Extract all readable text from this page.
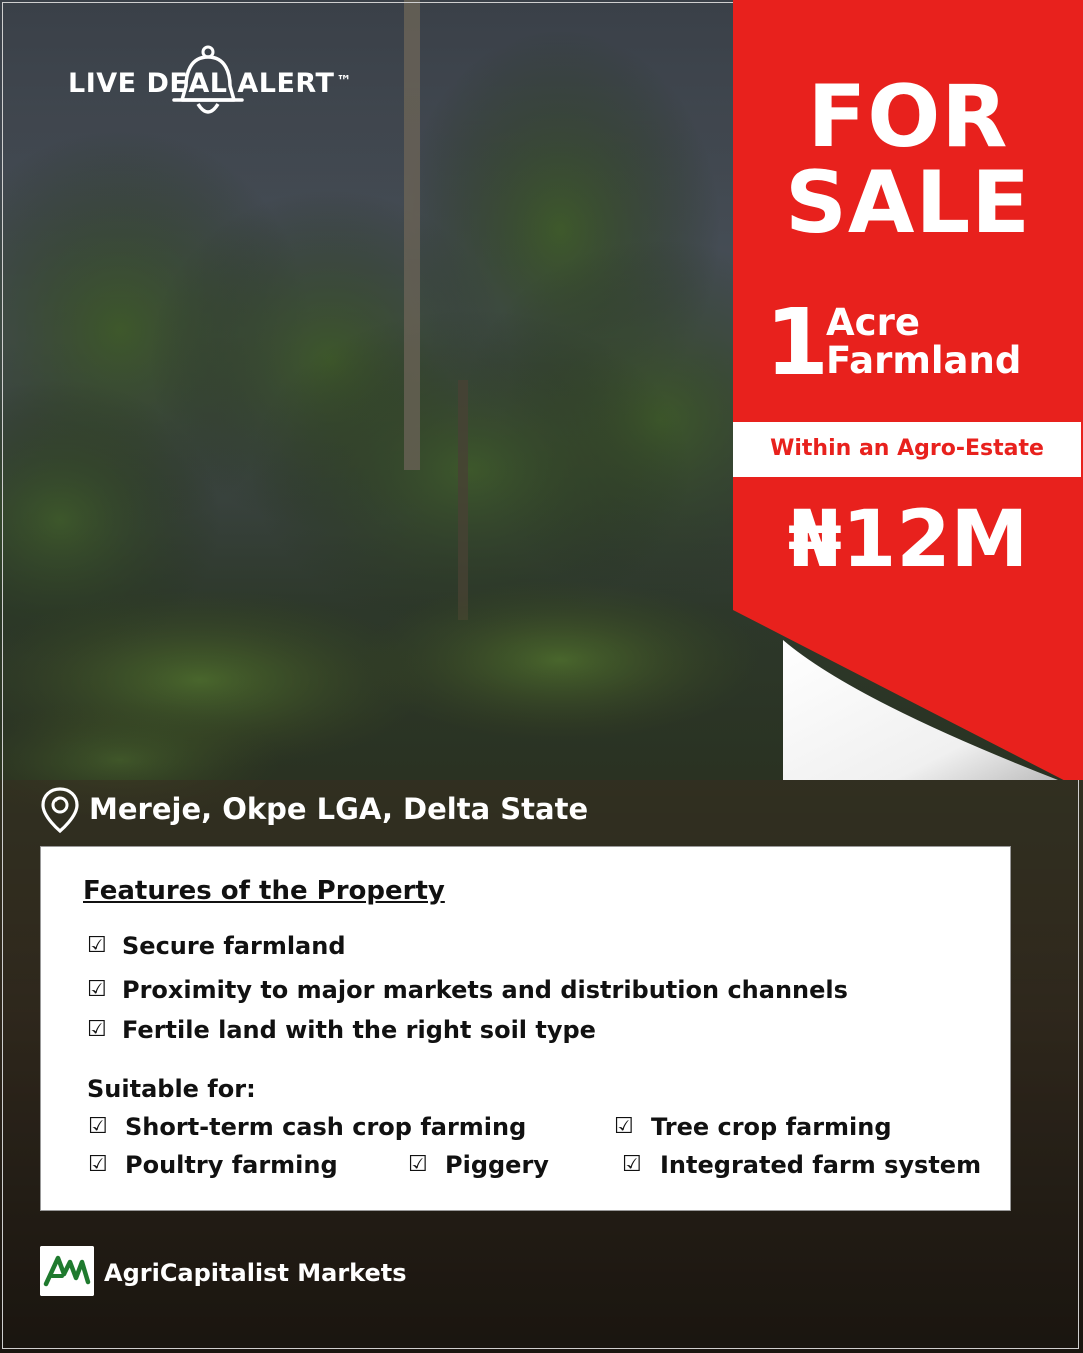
LIVE DEAL ALERT ™	FOR
SALE
1
Acre
Farmland
Within an Agro-Estate
₦12M
Mereje, Okpe LGA, Delta State
Features of the Property
☑ Secure farmland
☑ Proximity to major markets and distribution channels
☑ Fertile land with the right soil type
Suitable for:
☑ Short-term cash crop farming	☑ Tree crop farming
☑ Poultry farming	☑ Piggery	☑ Integrated farm system
AgriCapitalist Markets
